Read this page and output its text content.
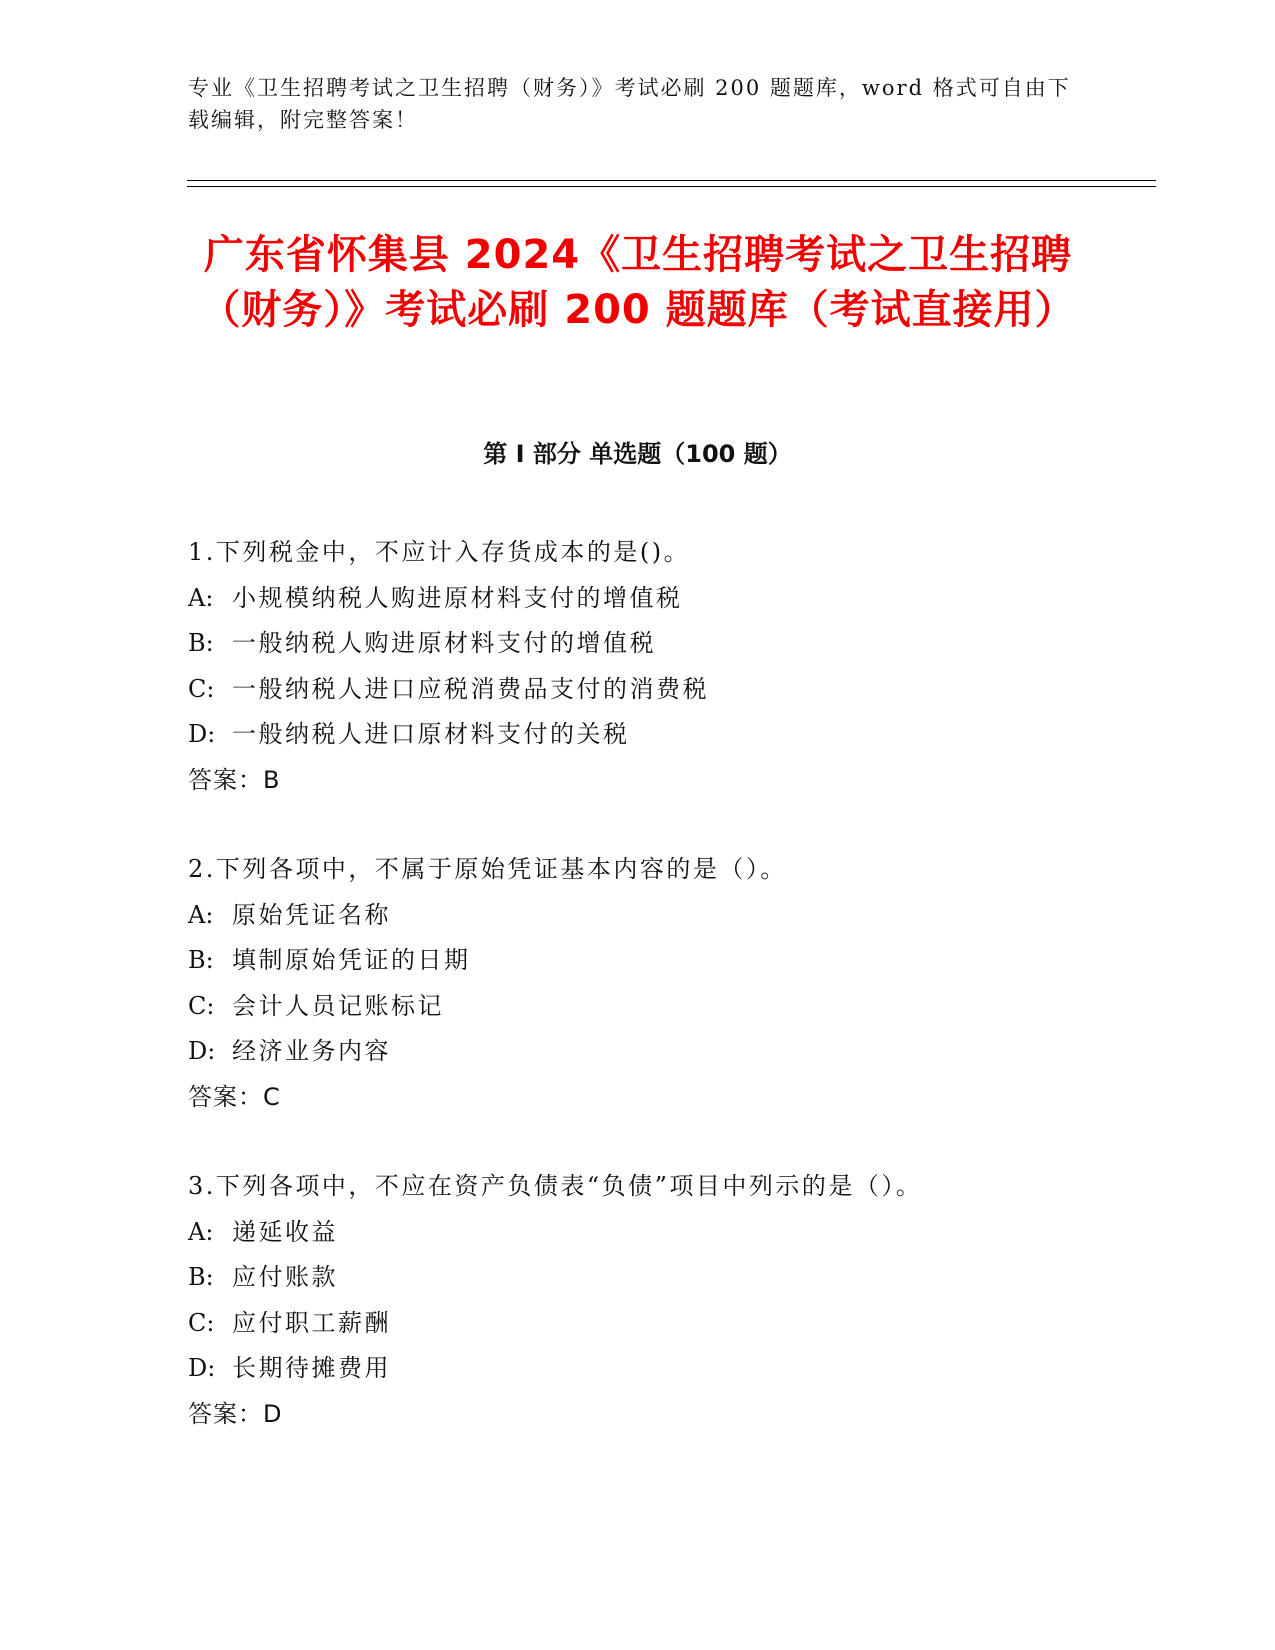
专业《卫生招聘考试之卫生招聘（财务）》考试必刷 200 题题库，word 格式可自由下载编辑，附完整答案！
广东省怀集县 2024《卫生招聘考试之卫生招聘（财务）》考试必刷 200 题题库（考试直接用）
第 I 部分 单选题（100 题）
1.下列税金中，不应计入存货成本的是()。
A: 小规模纳税人购进原材料支付的增值税
B: 一般纳税人购进原材料支付的增值税
C: 一般纳税人进口应税消费品支付的消费税
D: 一般纳税人进口原材料支付的关税
答案：B
2.下列各项中，不属于原始凭证基本内容的是（）。
A: 原始凭证名称
B: 填制原始凭证的日期
C: 会计人员记账标记
D: 经济业务内容
答案：C
3.下列各项中，不应在资产负债表“负债”项目中列示的是（）。
A: 递延收益
B: 应付账款
C: 应付职工薪酬
D: 长期待摊费用
答案：D
